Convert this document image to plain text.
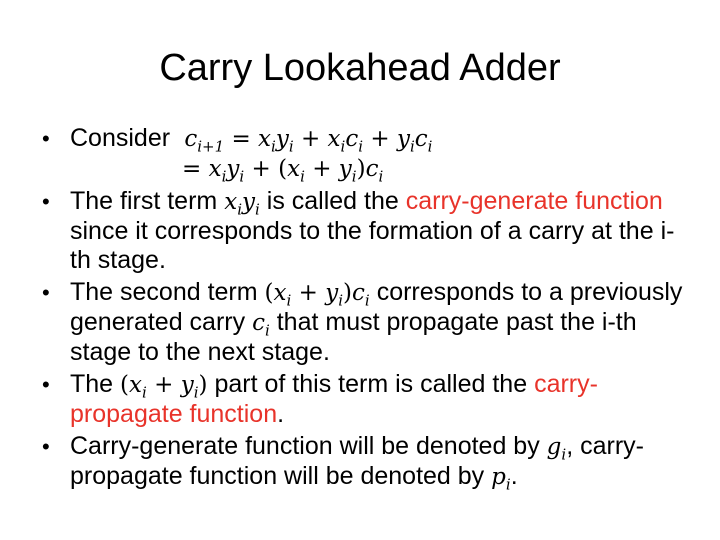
Carry Lookahead Adder
• Consider  $c_{i+1} = x_iy_i + x_ic_i + y_ic_i$
= $x_iy_i + (x_i + y_i)c_i$
• The first term $x_iy_i$ is called the carry-generate function since it corresponds to the formation of a carry at the i-th stage.
• The second term $(x_i + y_i)c_i$ corresponds to a previously generated carry $c_i$ that must propagate past the i-th stage to the next stage.
• The $(x_i + y_i)$ part of this term is called the carry-propagate function.
• Carry-generate function will be denoted by $g_i$, carry-propagate function will be denoted by $p_i$.
